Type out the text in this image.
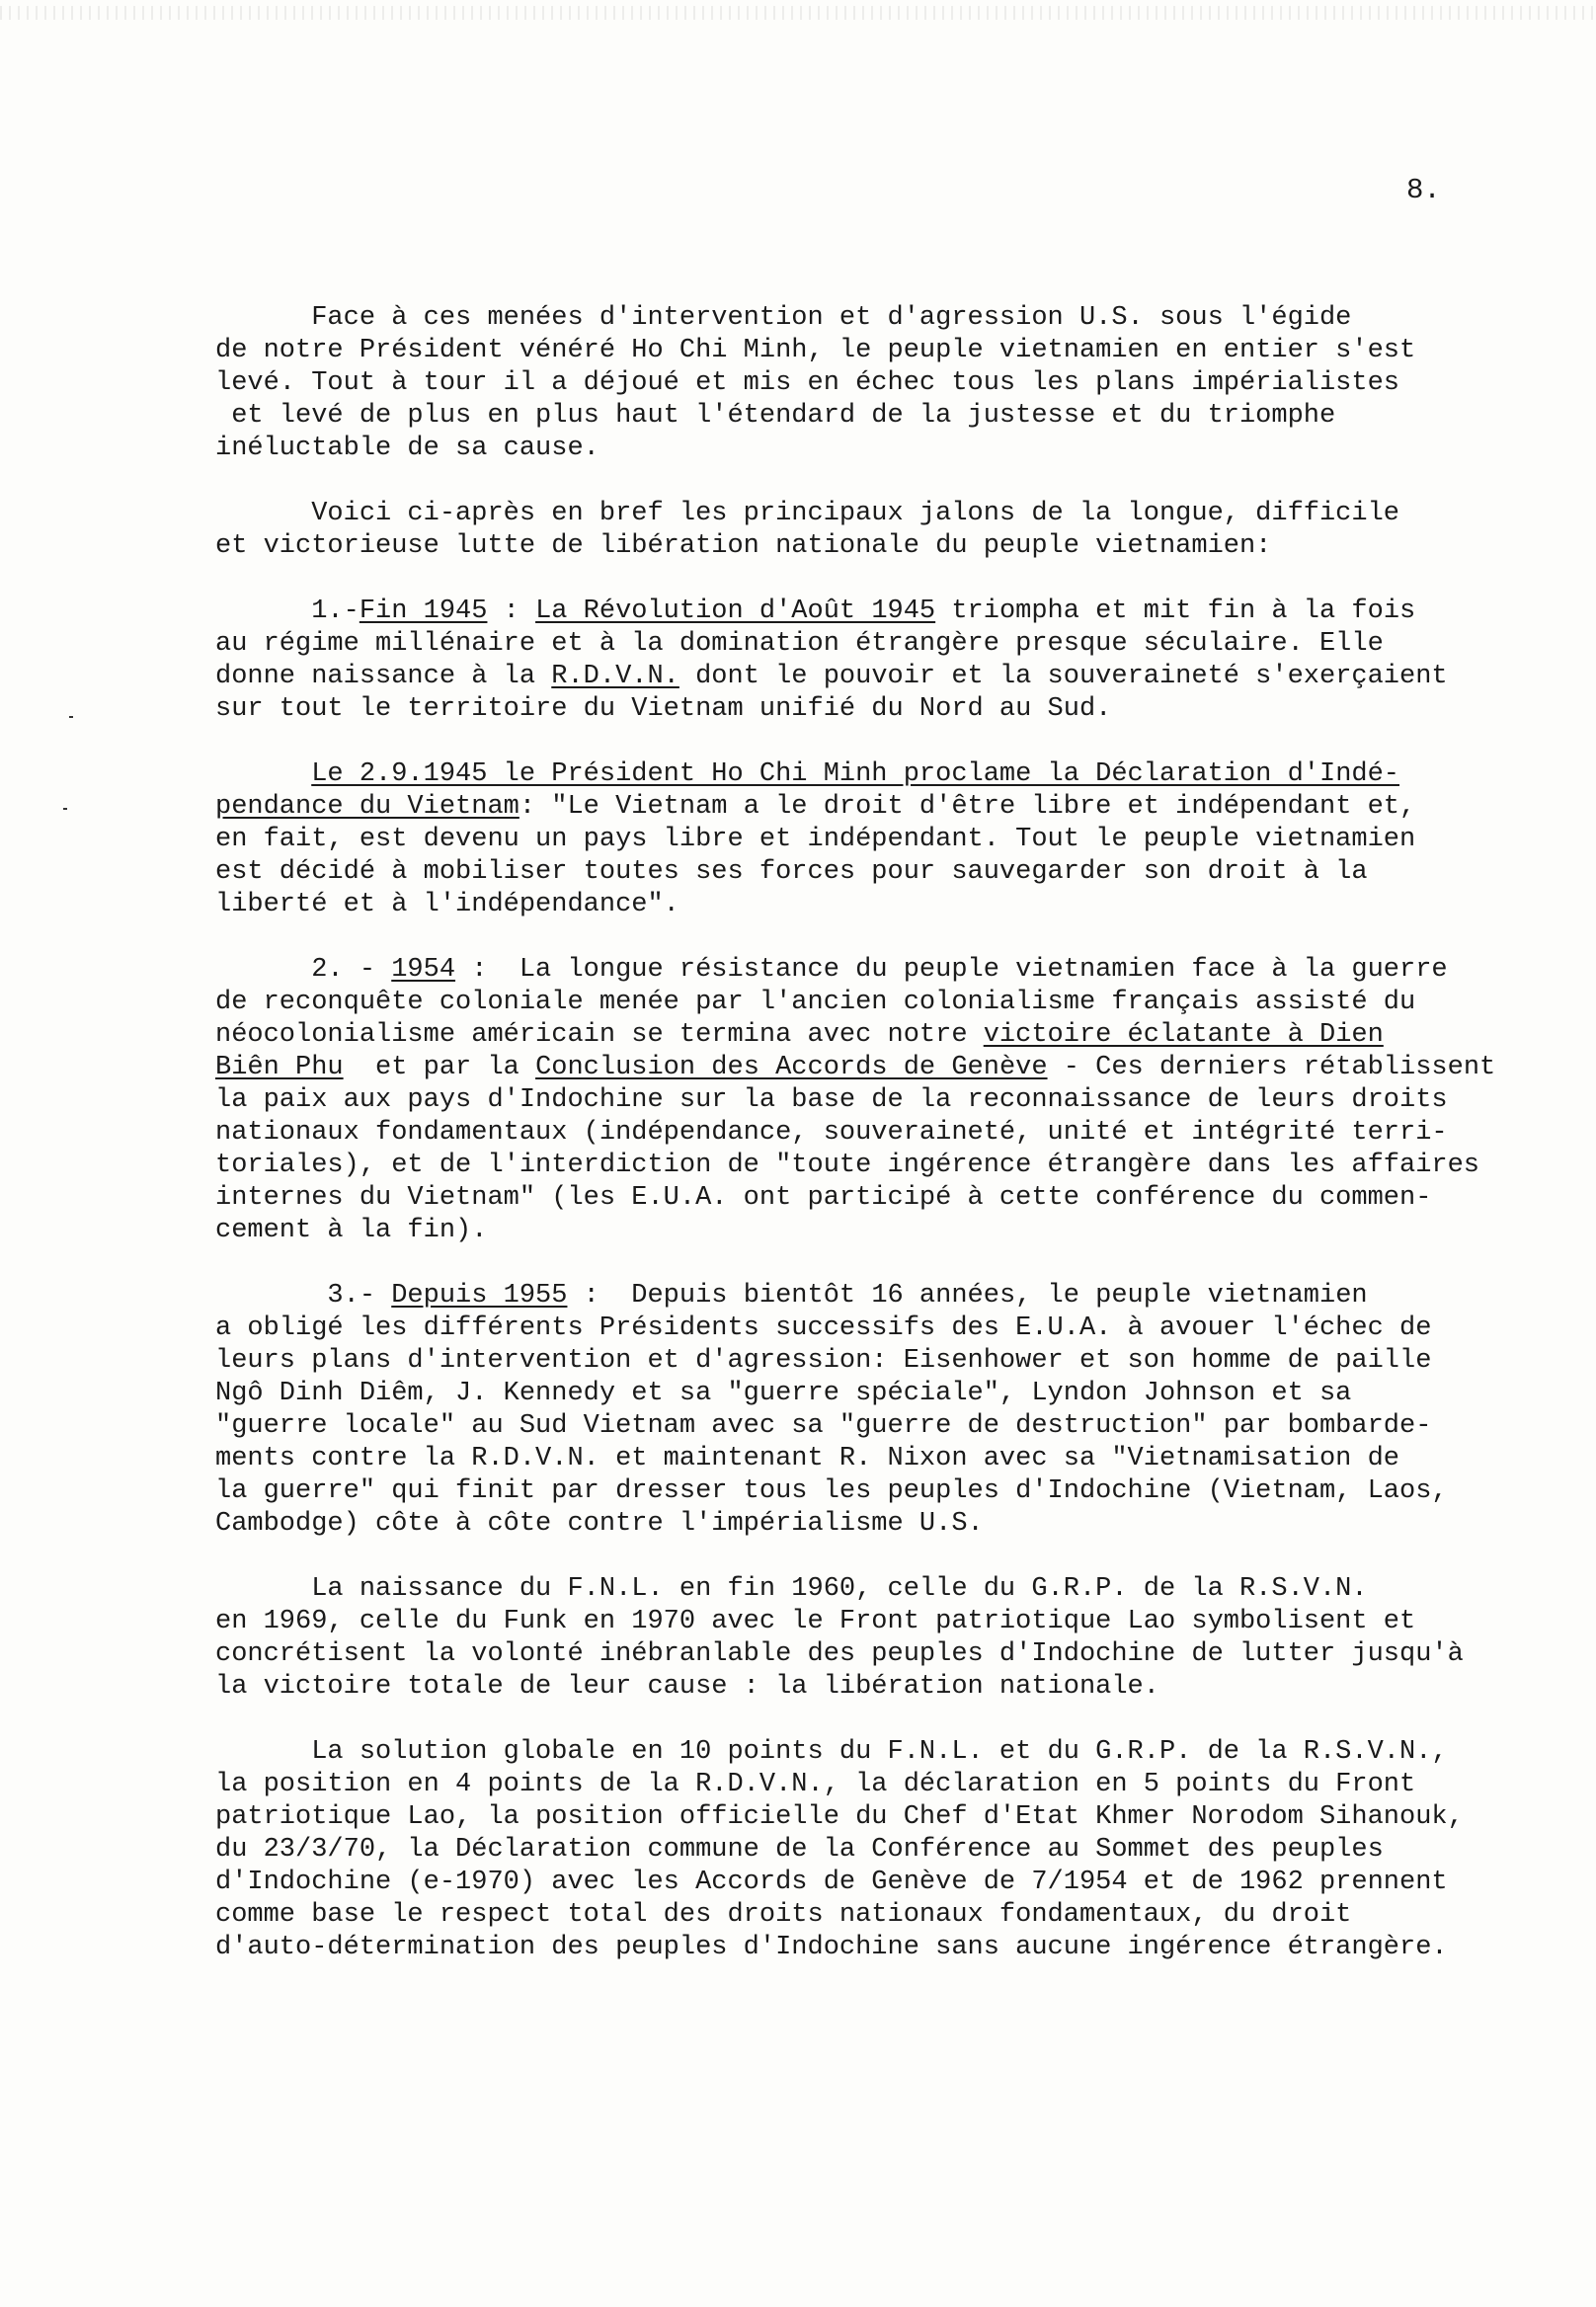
8.
Face à ces menées d'intervention et d'agression U.S. sous l'égide
de notre Président vénéré Ho Chi Minh, le peuple vietnamien en entier s'est
levé. Tout à tour il a déjoué et mis en échec tous les plans impérialistes
et levé de plus en plus haut l'étendard de la justesse et du triomphe
inéluctable de sa cause.
Voici ci-après en bref les principaux jalons de la longue, difficile
et victorieuse lutte de libération nationale du peuple vietnamien:
1.-Fin 1945 : La Révolution d'Août 1945 triompha et mit fin à la fois
au régime millénaire et à la domination étrangère presque séculaire. Elle
donne naissance à la R.D.V.N. dont le pouvoir et la souveraineté s'exerçaient
sur tout le territoire du Vietnam unifié du Nord au Sud.
Le 2.9.1945 le Président Ho Chi Minh proclame la Déclaration d'Indé-
pendance du Vietnam: "Le Vietnam a le droit d'être libre et indépendant et,
en fait, est devenu un pays libre et indépendant. Tout le peuple vietnamien
est décidé à mobiliser toutes ses forces pour sauvegarder son droit à la
liberté et à l'indépendance".
2. - 1954 :  La longue résistance du peuple vietnamien face à la guerre
de reconquête coloniale menée par l'ancien colonialisme français assisté du
néocolonialisme américain se termina avec notre victoire éclatante à Dien
Biên Phu  et par la Conclusion des Accords de Genève - Ces derniers rétablissent
la paix aux pays d'Indochine sur la base de la reconnaissance de leurs droits
nationaux fondamentaux (indépendance, souveraineté, unité et intégrité terri-
toriales), et de l'interdiction de "toute ingérence étrangère dans les affaires
internes du Vietnam" (les E.U.A. ont participé à cette conférence du commen-
cement à la fin).
3.- Depuis 1955 :  Depuis bientôt 16 années, le peuple vietnamien
a obligé les différents Présidents successifs des E.U.A. à avouer l'échec de
leurs plans d'intervention et d'agression: Eisenhower et son homme de paille
Ngô Dinh Diêm, J. Kennedy et sa "guerre spéciale", Lyndon Johnson et sa
"guerre locale" au Sud Vietnam avec sa "guerre de destruction" par bombarde-
ments contre la R.D.V.N. et maintenant R. Nixon avec sa "Vietnamisation de
la guerre" qui finit par dresser tous les peuples d'Indochine (Vietnam, Laos,
Cambodge) côte à côte contre l'impérialisme U.S.
La naissance du F.N.L. en fin 1960, celle du G.R.P. de la R.S.V.N.
en 1969, celle du Funk en 1970 avec le Front patriotique Lao symbolisent et
concrétisent la volonté inébranlable des peuples d'Indochine de lutter jusqu'à
la victoire totale de leur cause : la libération nationale.
La solution globale en 10 points du F.N.L. et du G.R.P. de la R.S.V.N.,
la position en 4 points de la R.D.V.N., la déclaration en 5 points du Front
patriotique Lao, la position officielle du Chef d'Etat Khmer Norodom Sihanouk,
du 23/3/70, la Déclaration commune de la Conférence au Sommet des peuples
d'Indochine (e-1970) avec les Accords de Genève de 7/1954 et de 1962 prennent
comme base le respect total des droits nationaux fondamentaux, du droit
d'auto-détermination des peuples d'Indochine sans aucune ingérence étrangère.
